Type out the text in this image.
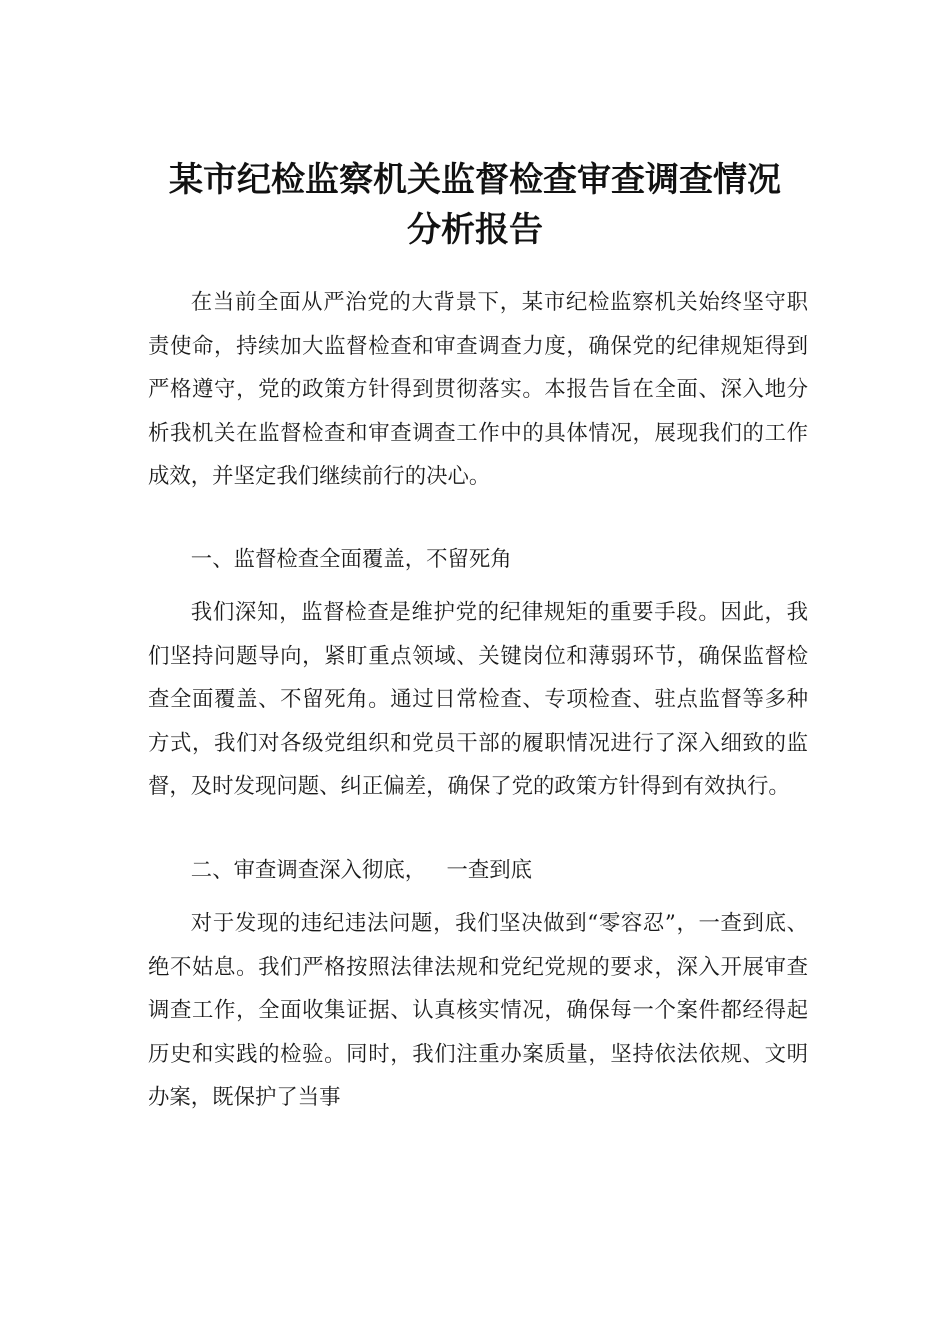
某市纪检监察机关监督检查审查调查情况
分析报告

在当前全面从严治党的大背景下，某市纪检监察机关始终坚守职责使命，持续加大监督检查和审查调查力度，确保党的纪律规矩得到严格遵守，党的政策方针得到贯彻落实。本报告旨在全面、深入地分析我机关在监督检查和审查调查工作中的具体情况，展现我们的工作成效，并坚定我们继续前行的决心。

一、监督检查全面覆盖，不留死角

我们深知，监督检查是维护党的纪律规矩的重要手段。因此，我们坚持问题导向，紧盯重点领域、关键岗位和薄弱环节，确保监督检查全面覆盖、不留死角。通过日常检查、专项检查、驻点监督等多种方式，我们对各级党组织和党员干部的履职情况进行了深入细致的监督，及时发现问题、纠正偏差，确保了党的政策方针得到有效执行。

二、审查调查深入彻底，   一查到底

对于发现的违纪违法问题，我们坚决做到“零容忍”，一查到底、绝不姑息。我们严格按照法律法规和党纪党规的要求，深入开展审查调查工作，全面收集证据、认真核实情况，确保每一个案件都经得起历史和实践的检验。同时，我们注重办案质量，坚持依法依规、文明办案，既保护了当事
